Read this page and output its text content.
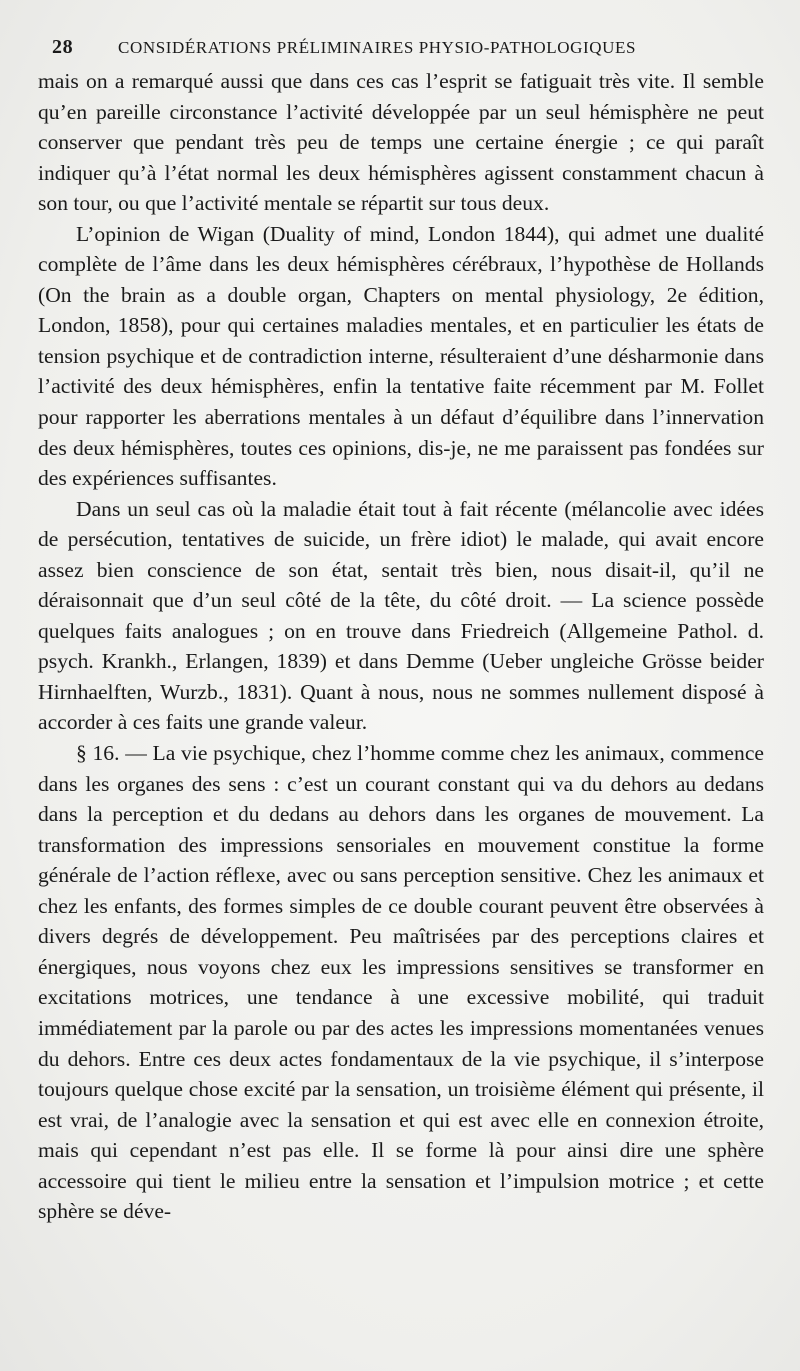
28	CONSIDÉRATIONS PRÉLIMINAIRES PHYSIO-PATHOLOGIQUES

mais on a remarqué aussi que dans ces cas l’esprit se fatiguait très vite. Il semble qu’en pareille circonstance l’activité développée par un seul hémisphère ne peut conserver que pendant très peu de temps une certaine énergie ; ce qui paraît indiquer qu’à l’état normal les deux hémisphères agissent constamment chacun à son tour, ou que l’activité mentale se répartit sur tous deux.

L’opinion de Wigan (Duality of mind, London 1844), qui admet une dualité complète de l’âme dans les deux hémisphères cérébraux, l’hypothèse de Hollands (On the brain as a double organ, Chapters on mental physiology, 2e édition, London, 1858), pour qui certaines maladies mentales, et en particulier les états de tension psychique et de contradiction interne, résulteraient d’une désharmonie dans l’activité des deux hémisphères, enfin la tentative faite récemment par M. Follet pour rapporter les aberrations mentales à un défaut d’équilibre dans l’innervation des deux hémisphères, toutes ces opinions, dis-je, ne me paraissent pas fondées sur des expériences suffisantes.

Dans un seul cas où la maladie était tout à fait récente (mélancolie avec idées de persécution, tentatives de suicide, un frère idiot) le malade, qui avait encore assez bien conscience de son état, sentait très bien, nous disait-il, qu’il ne déraisonnait que d’un seul côté de la tête, du côté droit. — La science possède quelques faits analogues ; on en trouve dans Friedreich (Allgemeine Pathol. d. psych. Krankh., Erlangen, 1839) et dans Demme (Ueber ungleiche Grösse beider Hirnhaelften, Wurzb., 1831). Quant à nous, nous ne sommes nullement disposé à accorder à ces faits une grande valeur.

§ 16. — La vie psychique, chez l’homme comme chez les animaux, commence dans les organes des sens : c’est un courant constant qui va du dehors au dedans dans la perception et du dedans au dehors dans les organes de mouvement. La transformation des impressions sensoriales en mouvement constitue la forme générale de l’action réflexe, avec ou sans perception sensitive. Chez les animaux et chez les enfants, des formes simples de ce double courant peuvent être observées à divers degrés de développement. Peu maîtrisées par des perceptions claires et énergiques, nous voyons chez eux les impressions sensitives se transformer en excitations motrices, une tendance à une excessive mobilité, qui traduit immédiatement par la parole ou par des actes les impressions momentanées venues du dehors. Entre ces deux actes fondamentaux de la vie psychique, il s’interpose toujours quelque chose excité par la sensation, un troisième élément qui présente, il est vrai, de l’analogie avec la sensation et qui est avec elle en connexion étroite, mais qui cependant n’est pas elle. Il se forme là pour ainsi dire une sphère accessoire qui tient le milieu entre la sensation et l’impulsion motrice ; et cette sphère se déve-
